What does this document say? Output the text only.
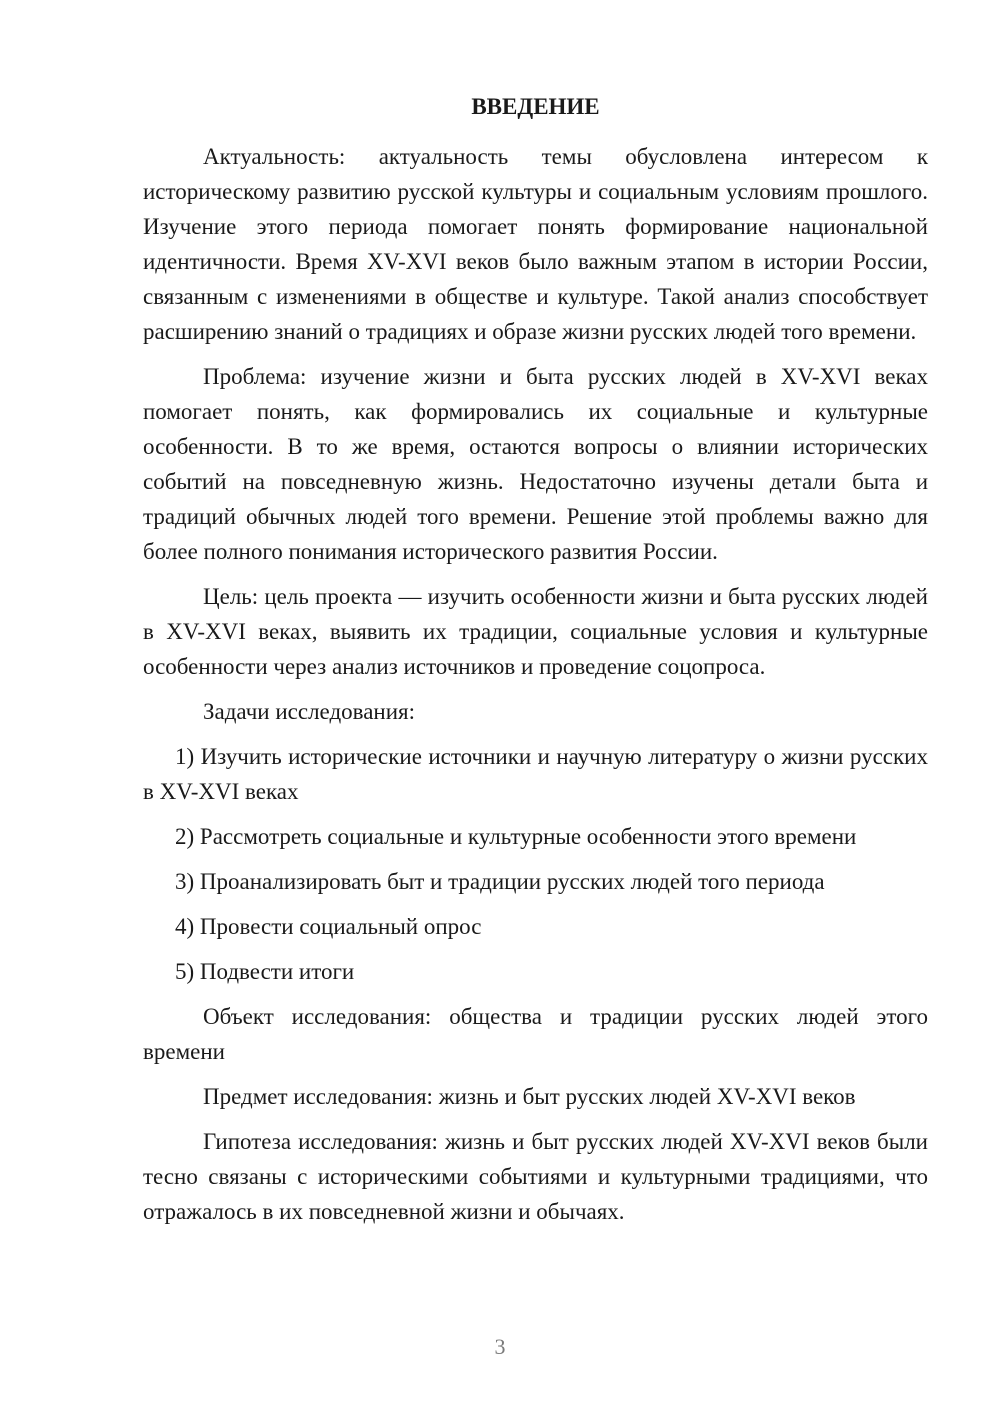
ВВЕДЕНИЕ

Актуальность: актуальность темы обусловлена интересом к историческому развитию русской культуры и социальным условиям прошлого. Изучение этого периода помогает понять формирование национальной идентичности. Время XV-XVI веков было важным этапом в истории России, связанным с изменениями в обществе и культуре. Такой анализ способствует расширению знаний о традициях и образе жизни русских людей того времени.

Проблема: изучение жизни и быта русских людей в XV-XVI веках помогает понять, как формировались их социальные и культурные особенности. В то же время, остаются вопросы о влиянии исторических событий на повседневную жизнь. Недостаточно изучены детали быта и традиций обычных людей того времени. Решение этой проблемы важно для более полного понимания исторического развития России.

Цель: цель проекта — изучить особенности жизни и быта русских людей в XV-XVI веках, выявить их традиции, социальные условия и культурные особенности через анализ источников и проведение соцопроса.

Задачи исследования:

1) Изучить исторические источники и научную литературу о жизни русских в XV-XVI веках

2) Рассмотреть социальные и культурные особенности этого времени

3) Проанализировать быт и традиции русских людей того периода

4) Провести социальный опрос

5) Подвести итоги

Объект исследования: общества и традиции русских людей этого времени

Предмет исследования: жизнь и быт русских людей XV-XVI веков

Гипотеза исследования: жизнь и быт русских людей XV-XVI веков были тесно связаны с историческими событиями и культурными традициями, что отражалось в их повседневной жизни и обычаях.

3
